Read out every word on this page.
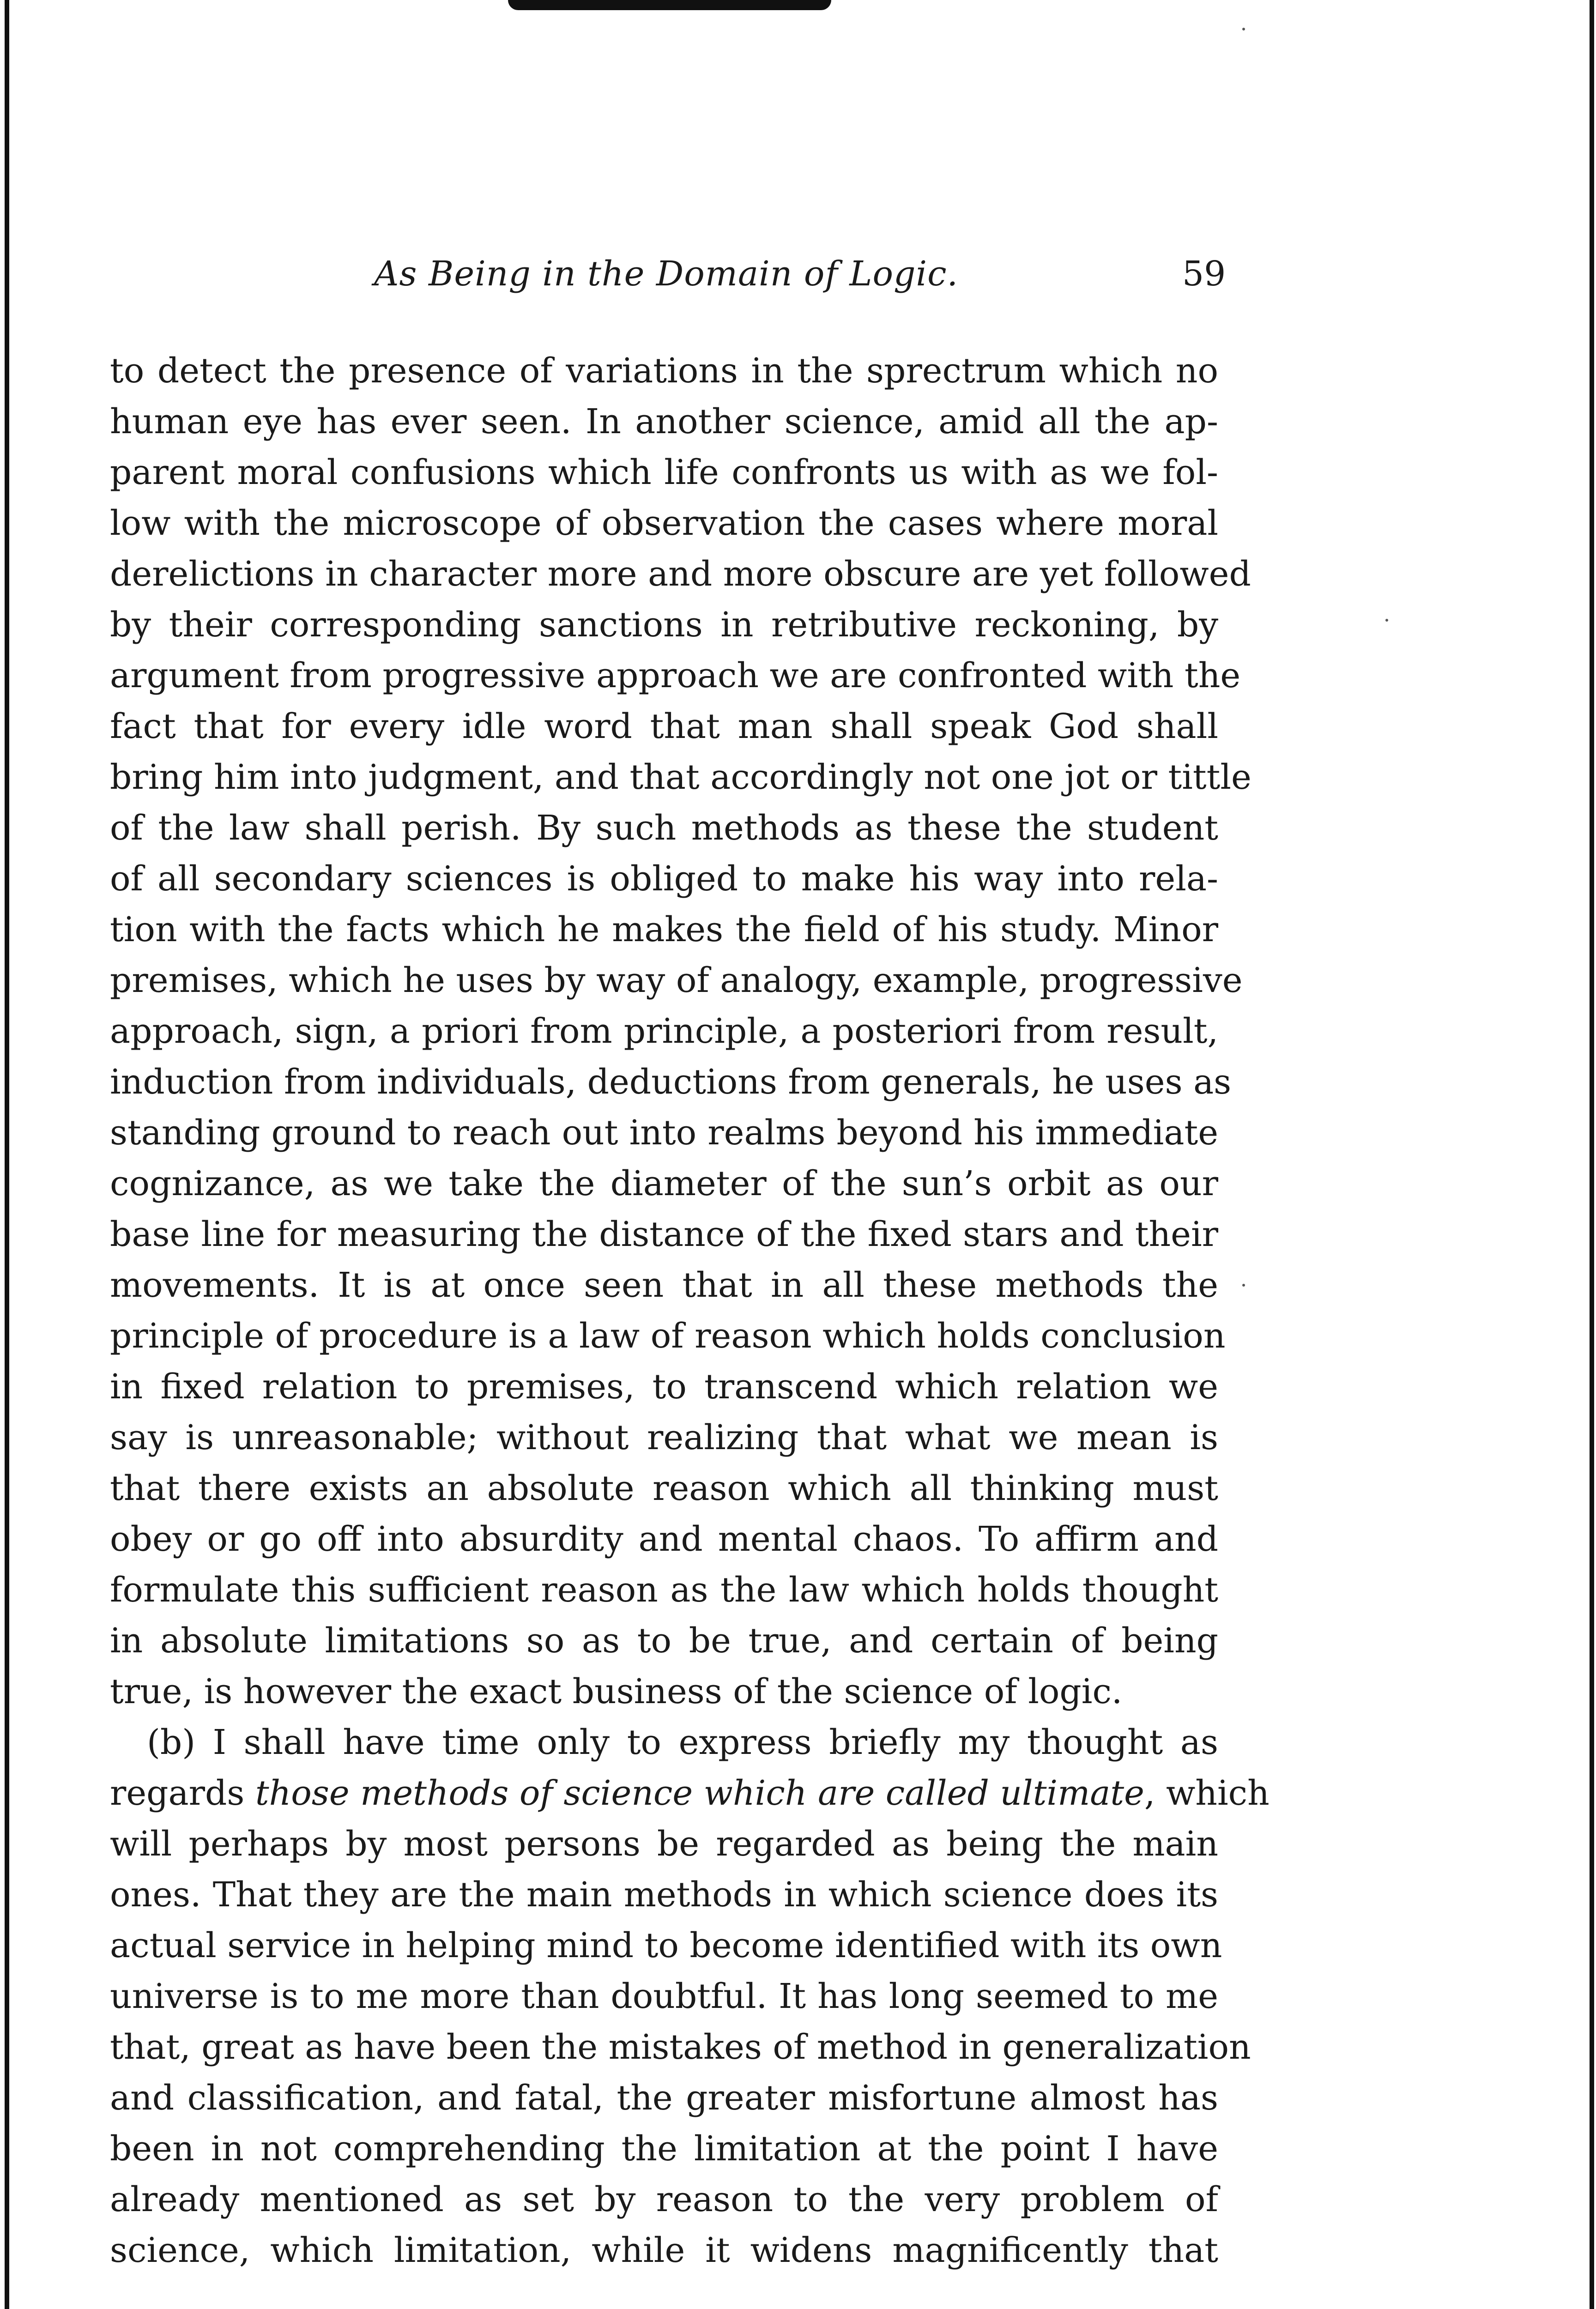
As Being in the Domain of Logic.	59
to detect the presence of variations in the sprectrum which no
human eye has ever seen. In another science, amid all the ap-
parent moral confusions which life confronts us with as we fol-
low with the microscope of observation the cases where moral
derelictions in character more and more obscure are yet followed
by their corresponding sanctions in retributive reckoning, by
argument from progressive approach we are confronted with the
fact that for every idle word that man shall speak God shall
bring him into judgment, and that accordingly not one jot or tittle
of the law shall perish. By such methods as these the student
of all secondary sciences is obliged to make his way into rela-
tion with the facts which he makes the field of his study. Minor
premises, which he uses by way of analogy, example, progressive
approach, sign, a priori from principle, a posteriori from result,
induction from individuals, deductions from generals, he uses as
standing ground to reach out into realms beyond his immediate
cognizance, as we take the diameter of the sun’s orbit as our
base line for measuring the distance of the fixed stars and their
movements. It is at once seen that in all these methods the
principle of procedure is a law of reason which holds conclusion
in fixed relation to premises, to transcend which relation we
say is unreasonable; without realizing that what we mean is
that there exists an absolute reason which all thinking must
obey or go off into absurdity and mental chaos. To affirm and
formulate this sufficient reason as the law which holds thought
in absolute limitations so as to be true, and certain of being
true, is however the exact business of the science of logic.
(b) I shall have time only to express briefly my thought as
regards those methods of science which are called ultimate, which
will perhaps by most persons be regarded as being the main
ones. That they are the main methods in which science does its
actual service in helping mind to become identified with its own
universe is to me more than doubtful. It has long seemed to me
that, great as have been the mistakes of method in generalization
and classification, and fatal, the greater misfortune almost has
been in not comprehending the limitation at the point I have
already mentioned as set by reason to the very problem of
science, which limitation, while it widens magnificently that
